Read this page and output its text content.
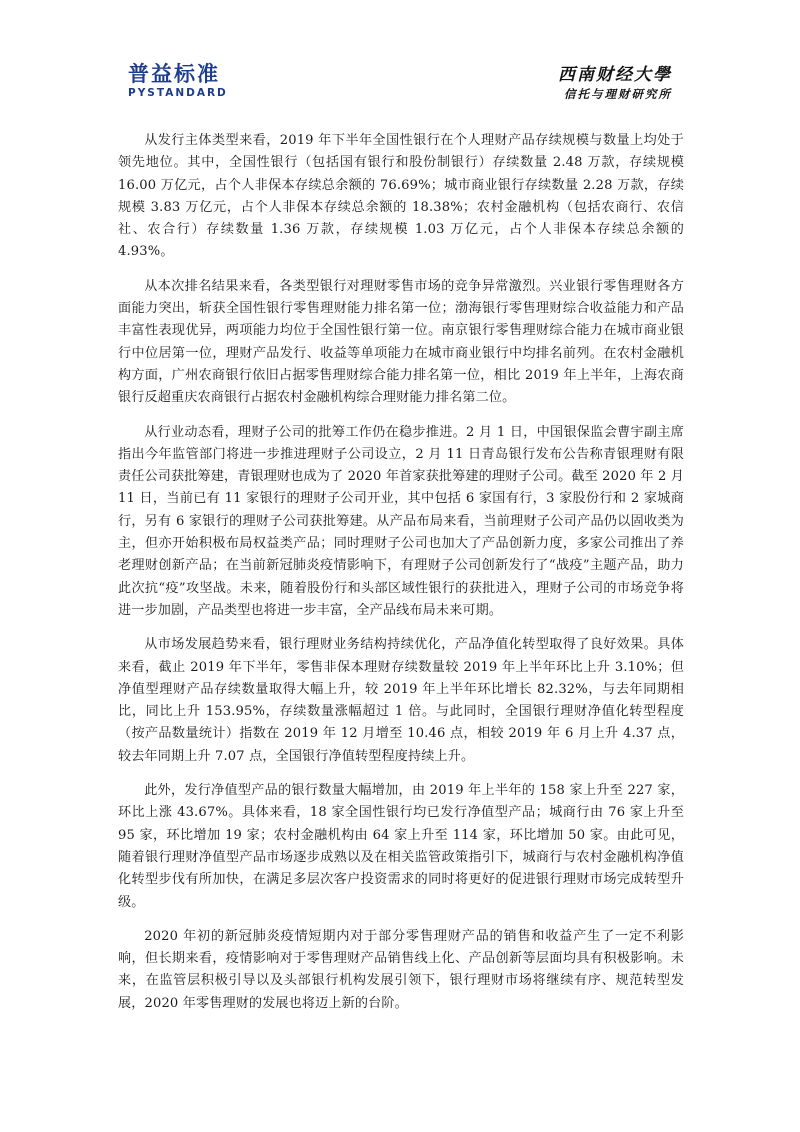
普益标准
PYSTANDARD
西南财经大學
信托与理财研究所

从发行主体类型来看，2019 年下半年全国性银行在个人理财产品存续规模与数量上均处于领先地位。其中，全国性银行（包括国有银行和股份制银行）存续数量 2.48 万款，存续规模 16.00 万亿元，占个人非保本存续总余额的 76.69%；城市商业银行存续数量 2.28 万款，存续规模 3.83 万亿元，占个人非保本存续总余额的 18.38%；农村金融机构（包括农商行、农信社、农合行）存续数量 1.36 万款，存续规模 1.03 万亿元，占个人非保本存续总余额的 4.93%。

从本次排名结果来看，各类型银行对理财零售市场的竞争异常激烈。兴业银行零售理财各方面能力突出，斩获全国性银行零售理财能力排名第一位；渤海银行零售理财综合收益能力和产品丰富性表现优异，两项能力均位于全国性银行第一位。南京银行零售理财综合能力在城市商业银行中位居第一位，理财产品发行、收益等单项能力在城市商业银行中均排名前列。在农村金融机构方面，广州农商银行依旧占据零售理财综合能力排名第一位，相比 2019 年上半年，上海农商银行反超重庆农商银行占据农村金融机构综合理财能力排名第二位。

从行业动态看，理财子公司的批筹工作仍在稳步推进。2 月 1 日，中国银保监会曹宇副主席指出今年监管部门将进一步推进理财子公司设立，2 月 11 日青岛银行发布公告称青银理财有限责任公司获批筹建，青银理财也成为了 2020 年首家获批筹建的理财子公司。截至 2020 年 2 月 11 日，当前已有 11 家银行的理财子公司开业，其中包括 6 家国有行，3 家股份行和 2 家城商行，另有 6 家银行的理财子公司获批筹建。从产品布局来看，当前理财子公司产品仍以固收类为主，但亦开始积极布局权益类产品；同时理财子公司也加大了产品创新力度，多家公司推出了养老理财创新产品；在当前新冠肺炎疫情影响下，有理财子公司创新发行了“战疫”主题产品，助力此次抗“疫”攻坚战。未来，随着股份行和头部区域性银行的获批进入，理财子公司的市场竞争将进一步加剧，产品类型也将进一步丰富，全产品线布局未来可期。

从市场发展趋势来看，银行理财业务结构持续优化，产品净值化转型取得了良好效果。具体来看，截止 2019 年下半年，零售非保本理财存续数量较 2019 年上半年环比上升 3.10%；但净值型理财产品存续数量取得大幅上升，较 2019 年上半年环比增长 82.32%，与去年同期相比，同比上升 153.95%，存续数量涨幅超过 1 倍。与此同时，全国银行理财净值化转型程度（按产品数量统计）指数在 2019 年 12 月增至 10.46 点，相较 2019 年 6 月上升 4.37 点，较去年同期上升 7.07 点，全国银行净值转型程度持续上升。

此外，发行净值型产品的银行数量大幅增加，由 2019 年上半年的 158 家上升至 227 家，环比上涨 43.67%。具体来看，18 家全国性银行均已发行净值型产品；城商行由 76 家上升至 95 家，环比增加 19 家；农村金融机构由 64 家上升至 114 家，环比增加 50 家。由此可见，随着银行理财净值型产品市场逐步成熟以及在相关监管政策指引下，城商行与农村金融机构净值化转型步伐有所加快，在满足多层次客户投资需求的同时将更好的促进银行理财市场完成转型升级。

2020 年初的新冠肺炎疫情短期内对于部分零售理财产品的销售和收益产生了一定不利影响，但长期来看，疫情影响对于零售理财产品销售线上化、产品创新等层面均具有积极影响。未来，在监管层积极引导以及头部银行机构发展引领下，银行理财市场将继续有序、规范转型发展，2020 年零售理财的发展也将迈上新的台阶。
